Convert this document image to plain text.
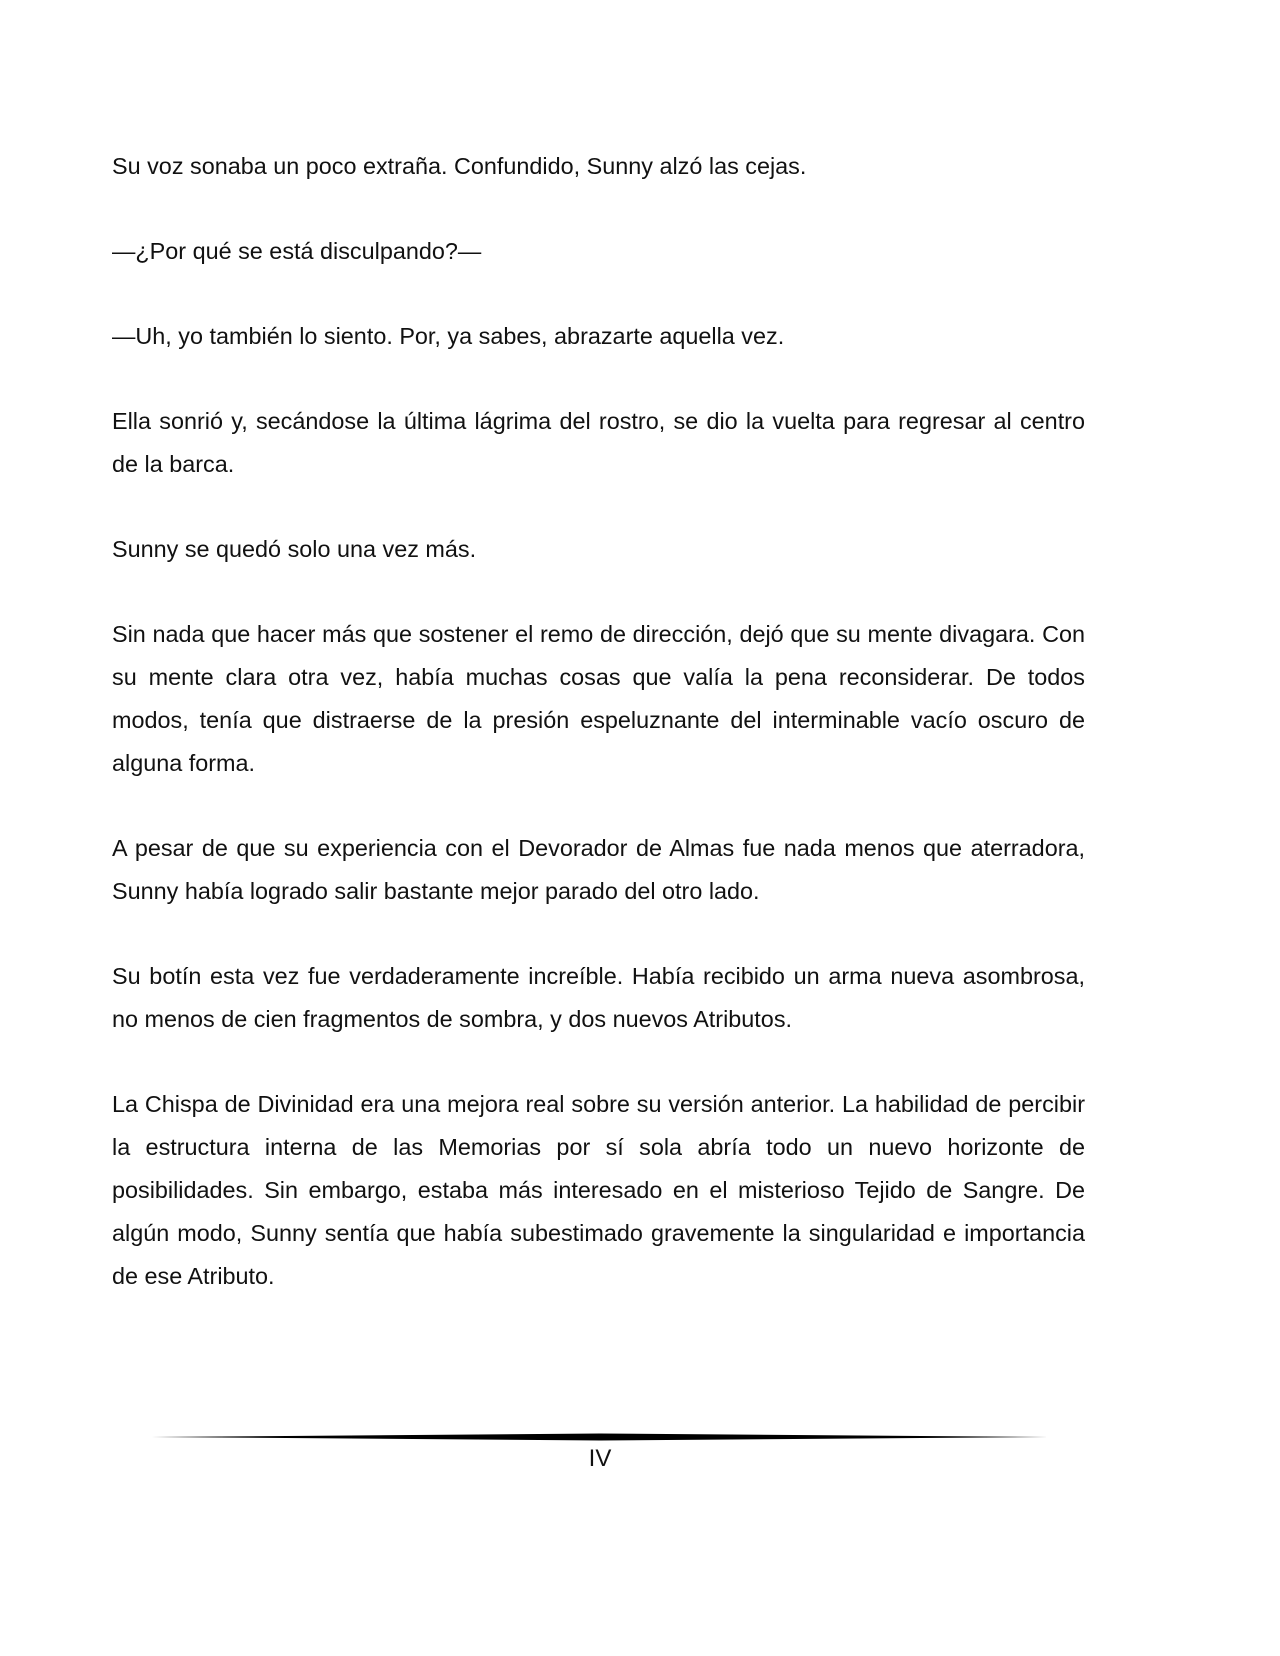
Su voz sonaba un poco extraña. Confundido, Sunny alzó las cejas.

—¿Por qué se está disculpando?—

—Uh, yo también lo siento. Por, ya sabes, abrazarte aquella vez.

Ella sonrió y, secándose la última lágrima del rostro, se dio la vuelta para regresar al centro de la barca.

Sunny se quedó solo una vez más.

Sin nada que hacer más que sostener el remo de dirección, dejó que su mente divagara. Con su mente clara otra vez, había muchas cosas que valía la pena reconsiderar. De todos modos, tenía que distraerse de la presión espeluznante del interminable vacío oscuro de alguna forma.

A pesar de que su experiencia con el Devorador de Almas fue nada menos que aterradora, Sunny había logrado salir bastante mejor parado del otro lado.

Su botín esta vez fue verdaderamente increíble. Había recibido un arma nueva asombrosa, no menos de cien fragmentos de sombra, y dos nuevos Atributos.

La Chispa de Divinidad era una mejora real sobre su versión anterior. La habilidad de percibir la estructura interna de las Memorias por sí sola abría todo un nuevo horizonte de posibilidades. Sin embargo, estaba más interesado en el misterioso Tejido de Sangre. De algún modo, Sunny sentía que había subestimado gravemente la singularidad e importancia de ese Atributo.

IV
